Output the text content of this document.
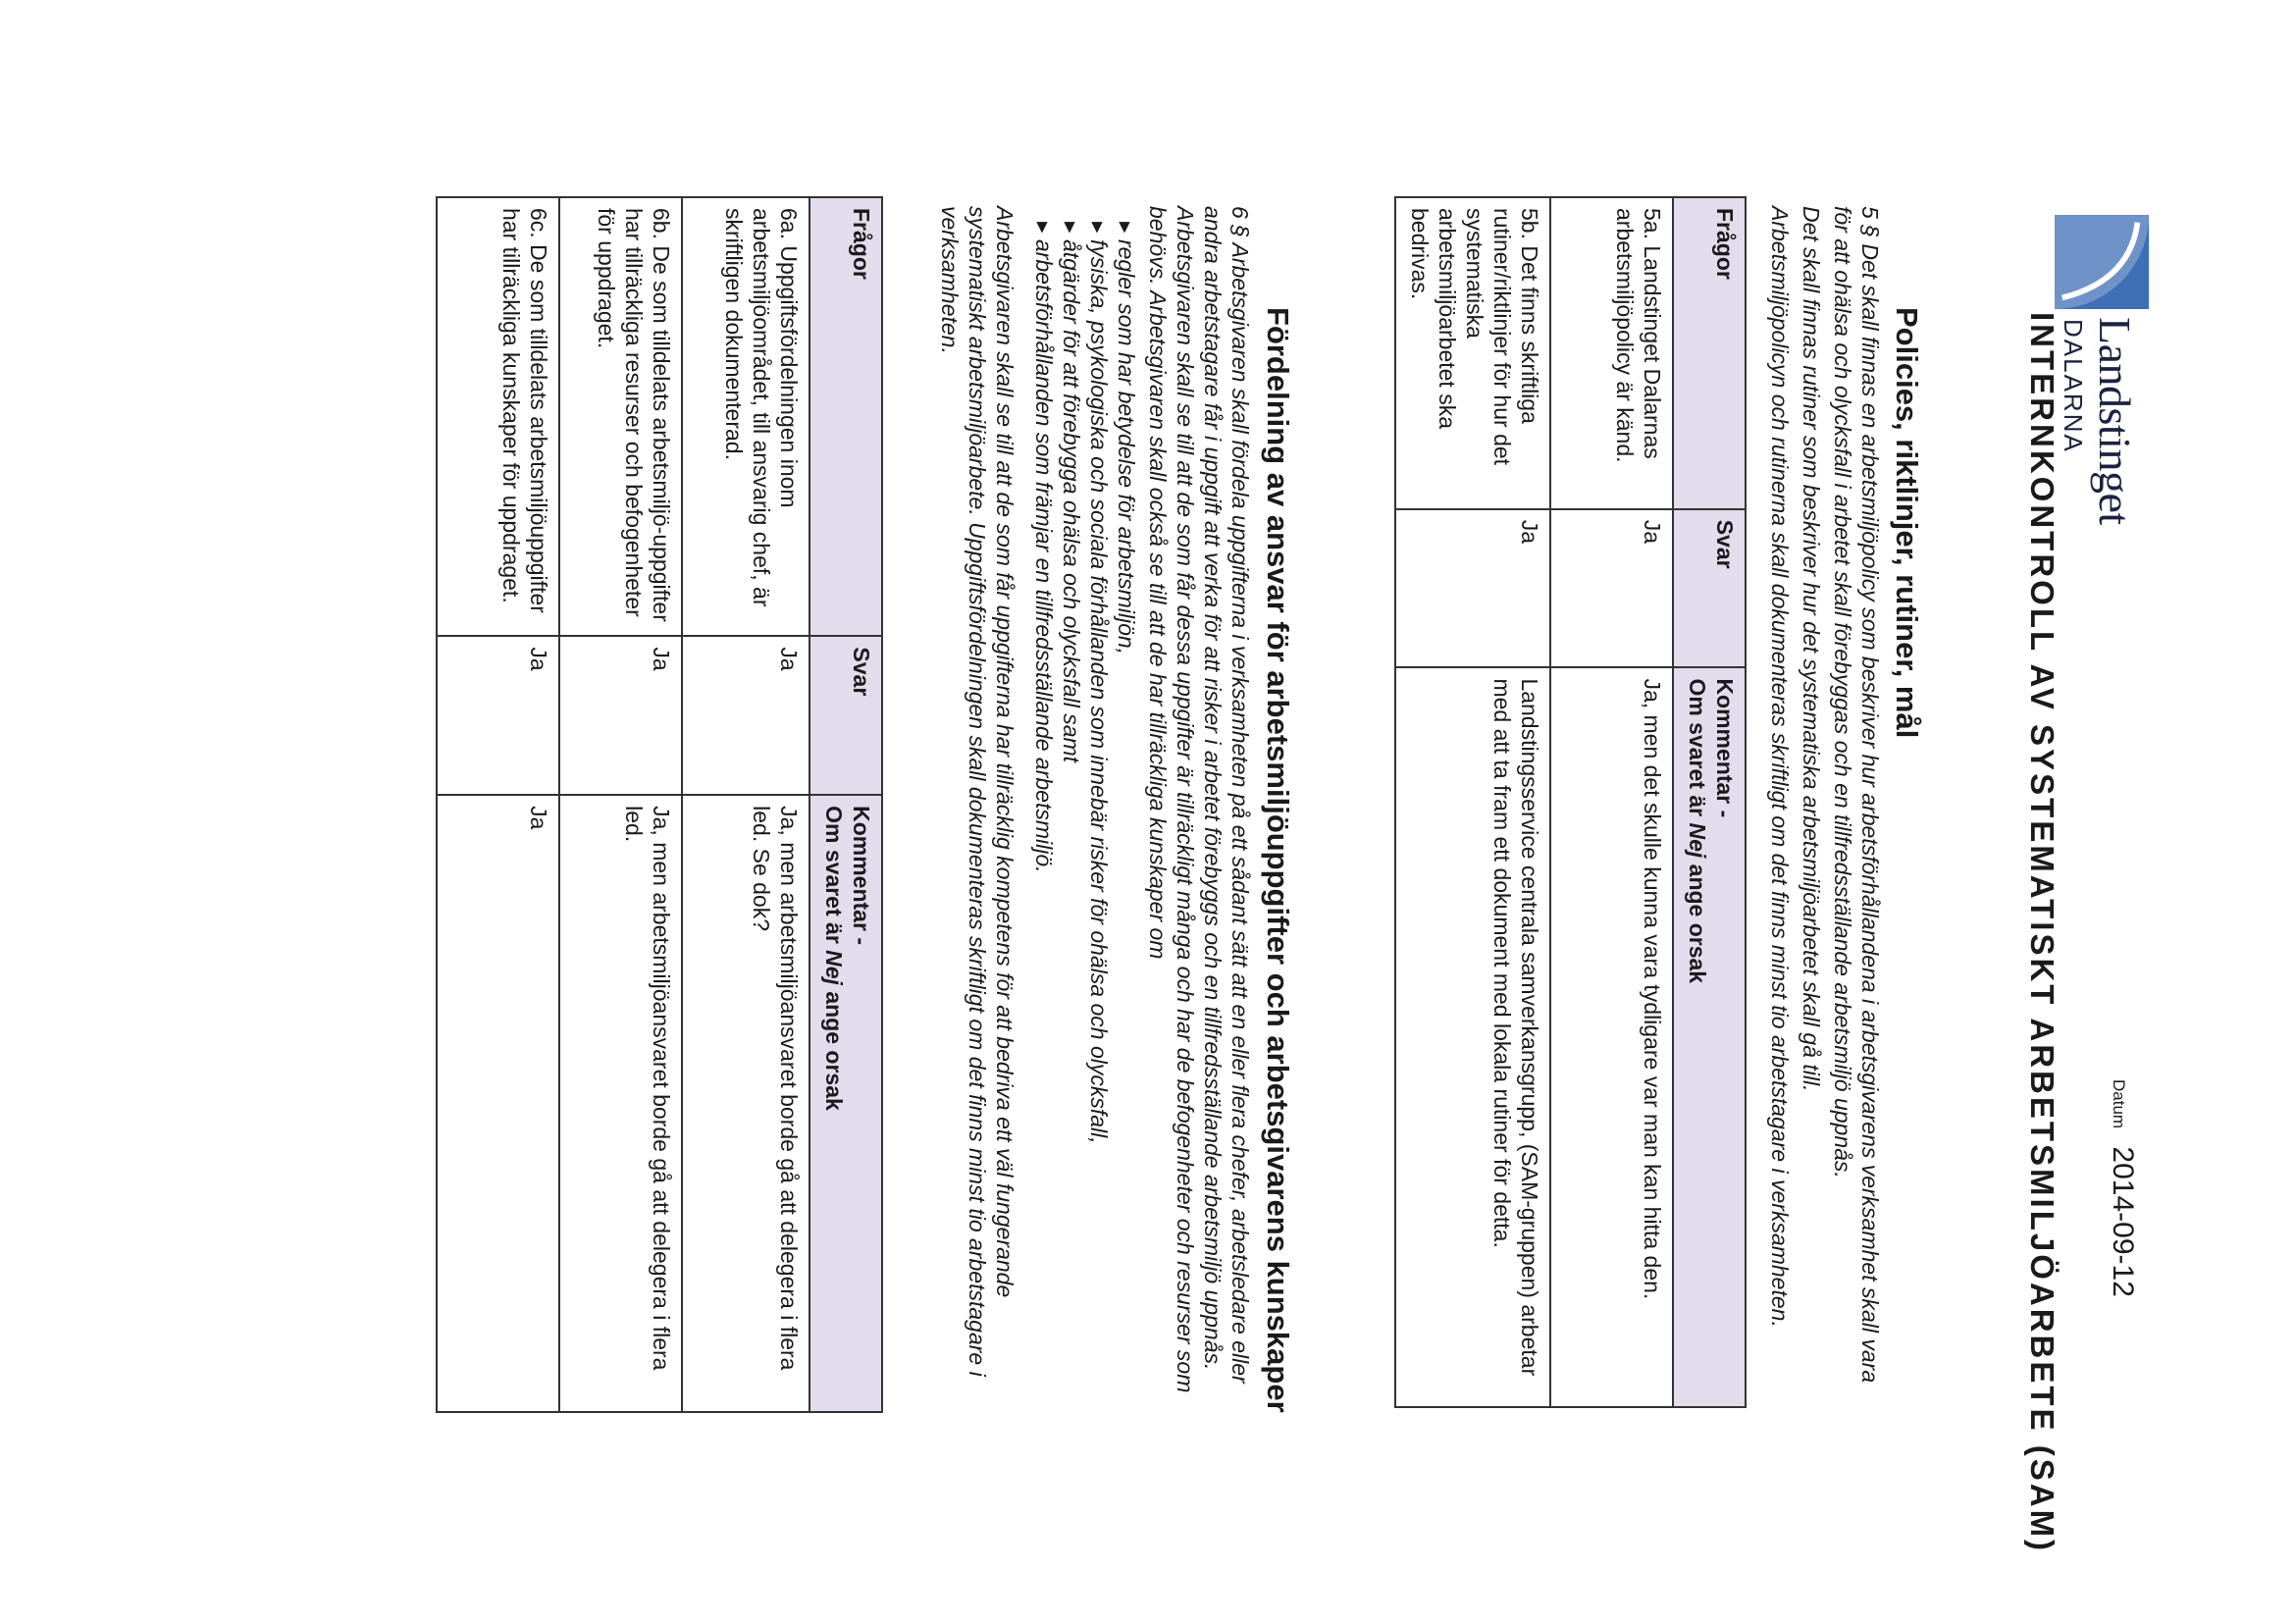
Landstinget
DALARNA
Datum 2014-09-12
INTERNKONTROLL AV SYSTEMATISKT ARBETSMILJÖARBETE (SAM)
Policies, riktlinjer, rutiner, mål

5 § Det skall finnas en arbetsmiljöpolicy som beskriver hur arbetsförhållandena i arbetsgivarens verksamhet skall vara för att ohälsa och olycksfall i arbetet skall förebyggas och en tillfredsställande arbetsmiljö uppnås.

Det skall finnas rutiner som beskriver hur det systematiska arbetsmiljöarbetet skall gå till.

Arbetsmiljöpolicyn och rutinerna skall dokumenteras skriftligt om det finns minst tio arbetstagare i verksamheten.

Frågor	Svar	Kommentar -
Om svaret är Nej ange orsak

5a. Landstinget Dalarnas arbetsmiljöpolicy är känd.	Ja	Ja, men det skulle kunna vara tydligare var man kan hitta den.
5b. Det finns skriftliga rutiner/riktlinjer för hur det systematiska arbetsmiljöarbetet ska bedrivas.	Ja	Landstingsservice centrala samverkansgrupp, (SAM-gruppen) arbetar med att ta fram ett dokument med lokala rutiner för detta.
Fördelning av ansvar för arbetsmiljöuppgifter och arbetsgivarens kunskaper

6 § Arbetsgivaren skall fördela uppgifterna i verksamheten på ett sådant sätt att en eller flera chefer, arbetsledare eller andra arbetstagare får i uppgift att verka för att risker i arbetet förebyggs och en tillfredsställande arbetsmiljö uppnås. Arbetsgivaren skall se till att de som får dessa uppgifter är tillräckligt många och har de befogenheter och resurser som behövs. Arbetsgivaren skall också se till att de har tillräckliga kunskaper om

▸ regler som har betydelse för arbetsmiljön,
▸ fysiska, psykologiska och sociala förhållanden som innebär risker för ohälsa och olycksfall,
▸ åtgärder för att förebygga ohälsa och olycksfall samt
▸ arbetsförhållanden som främjar en tillfredsställande arbetsmiljö.

Arbetsgivaren skall se till att de som får uppgifterna har tillräcklig kompetens för att bedriva ett väl fungerande systematiskt arbetsmiljöarbete. Uppgiftsfördelningen skall dokumenteras skriftligt om det finns minst tio arbetstagare i verksamheten.

Frågor	Svar	Kommentar -
Om svaret är Nej ange orsak

6a. Uppgiftsfördelningen inom arbetsmiljöområdet, till ansvarig chef, är skriftligen dokumenterad.	Ja	Ja, men arbetsmiljöansvaret borde gå att delegera i flera led. Se dok?
6b. De som tilldelats arbetsmiljö-uppgifter har tillräckliga resurser och befogenheter för uppdraget.	Ja	Ja, men arbetsmiljöansvaret borde gå att delegera i flera led.
6c. De som tilldelats arbetsmiljöuppgifter har tillräckliga kunskaper för uppdraget.	Ja	Ja
